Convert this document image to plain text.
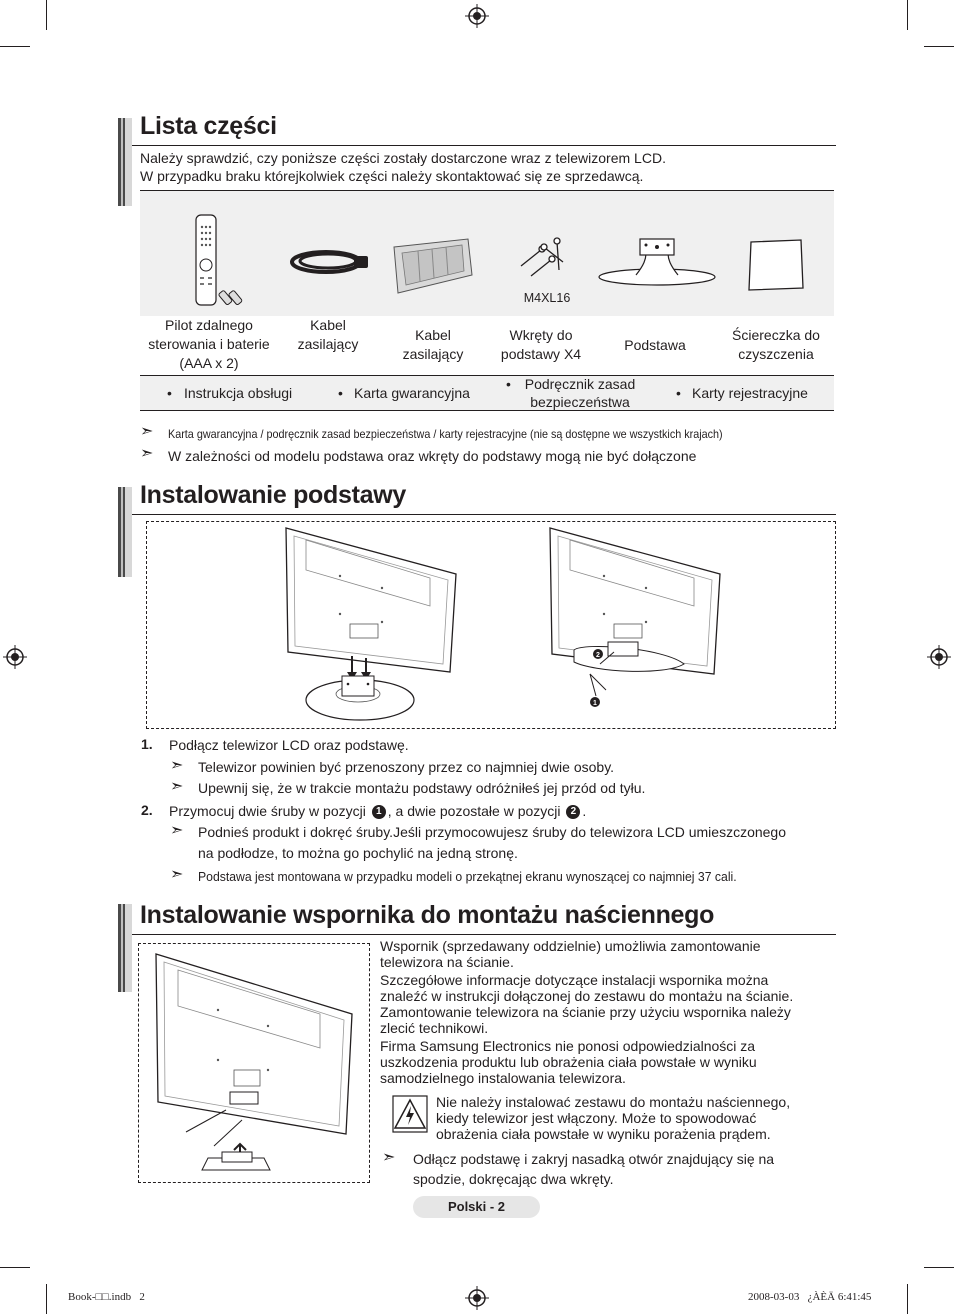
Lista części
Należy sprawdzić, czy poniższe części zostały dostarczone wraz z telewizorem LCD.
W przypadku braku którejkolwiek części należy skontaktować się ze sprzedawcą.
M4XL16
Pilot zdalnego
sterowania i baterie
(AAA x 2)
Kabel
zasilający
Kabel
zasilający
Wkręty do
podstawy X4
Podstawa
Ściereczka do
czyszczenia
• Instrukcja obsługi	• Karta gwarancyjna
• Podręcznik zasad
bezpieczeństwa
• Karty rejestracyjne
➣ Karta gwarancyjna / podręcznik zasad bezpieczeństwa / karty rejestracyjne (nie są dostępne we wszystkich krajach)
➣ W zależności od modelu podstawa oraz wkręty do podstawy mogą nie być dołączone
Instalowanie podstawy
2
1
1. Podłącz telewizor LCD oraz podstawę.
➣ Telewizor powinien być przenoszony przez co najmniej dwie osoby.
➣ Upewnij się, że w trakcie montażu podstawy odróżniłeś jej przód od tyłu.
2. Przymocuj dwie śruby w pozycji 1 , a dwie pozostałe w pozycji 2 .
➣ Podnieś produkt i dokręć śruby.Jeśli przymocowujesz śruby do telewizora LCD umieszczonego
na podłodze, to można go pochylić na jedną stronę.
➣ Podstawa jest montowana w przypadku modeli o przekątnej ekranu wynoszącej co najmniej 37 cali.
Instalowanie wspornika do montażu naściennego
Wspornik (sprzedawany oddzielnie) umożliwia zamontowanie
telewizora na ścianie.
Szczegółowe informacje dotyczące instalacji wspornika można
znaleźć w instrukcji dołączonej do zestawu do montażu na ścianie.
Zamontowanie telewizora na ścianie przy użyciu wspornika należy
zlecić technikowi.
Firma Samsung Electronics nie ponosi odpowiedzialności za
uszkodzenia produktu lub obrażenia ciała powstałe w wyniku
samodzielnego instalowania telewizora.
Nie należy instalować zestawu do montażu naściennego,
kiedy telewizor jest włączony. Może to spowodować
obrażenia ciała powstałe w wyniku porażenia prądem.
➣ Odłącz podstawę i zakryj nasadką otwór znajdujący się na
spodzie, dokręcając dwa wkręty.
Polski - 2
Book-□□.indb   2	2008-03-03   ¿ÀÈÄ 6:41:45
